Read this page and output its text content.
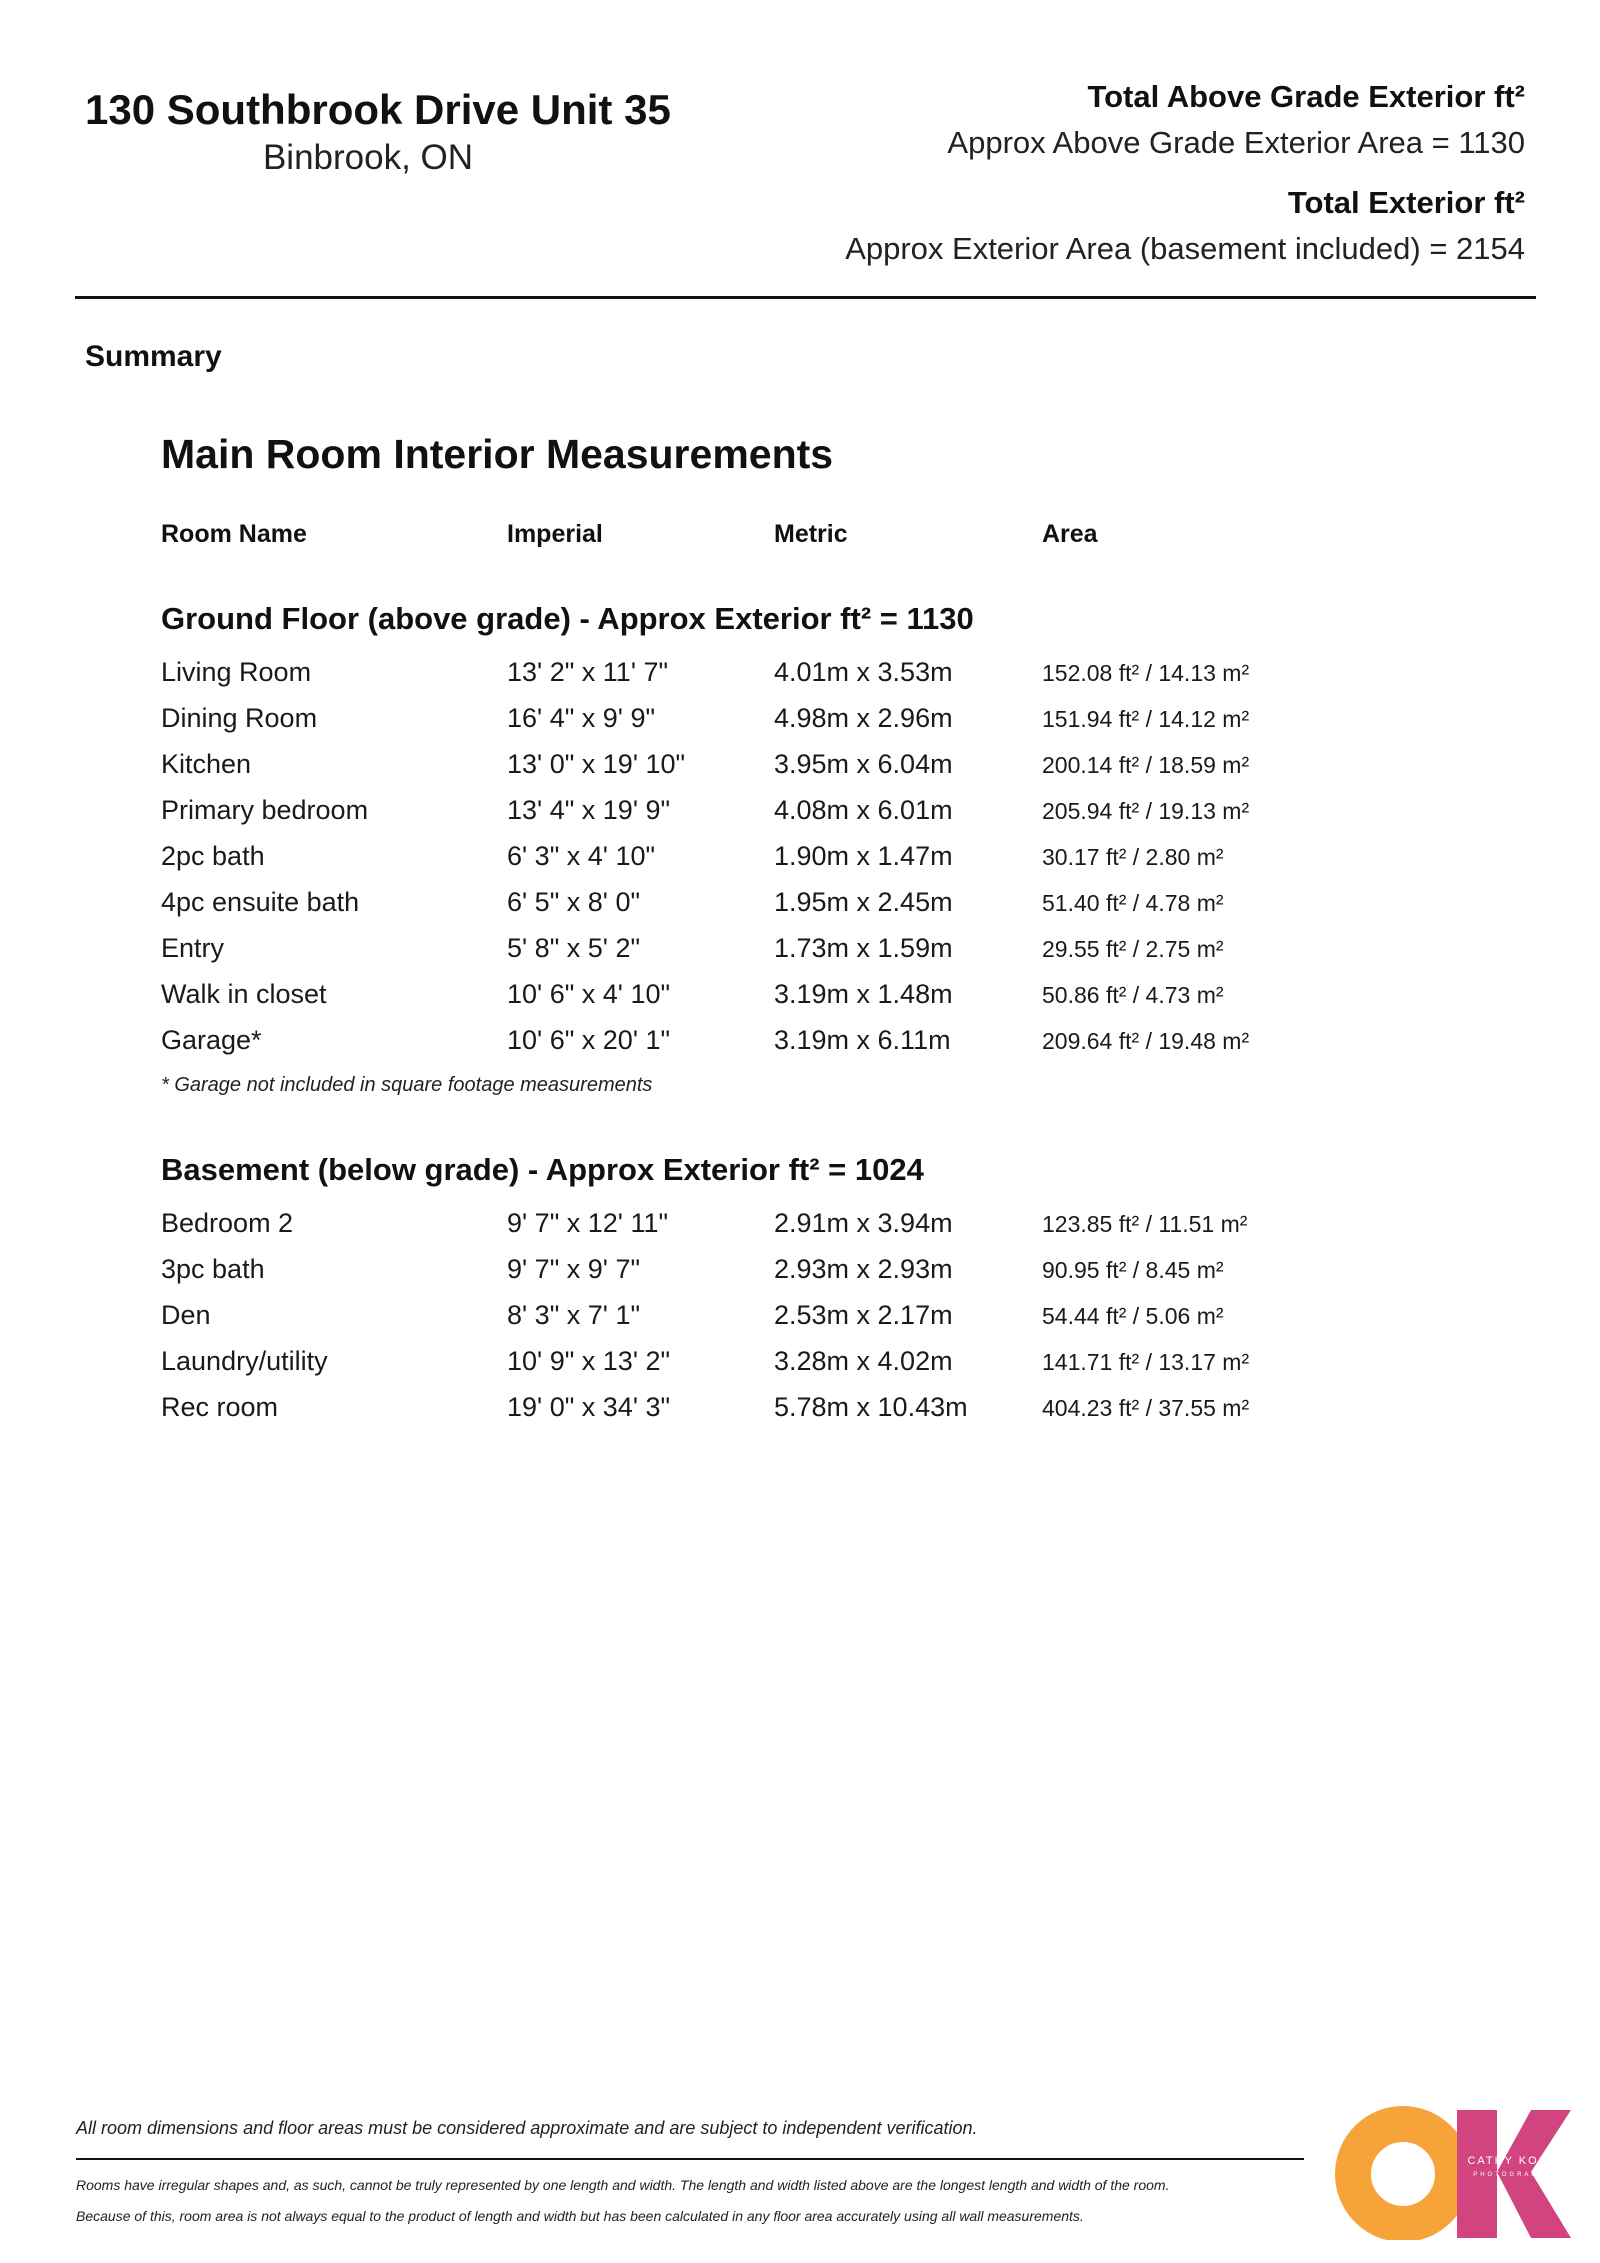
130 Southbrook Drive Unit 35
Binbrook, ON
Total Above Grade Exterior ft²
Approx Above Grade Exterior Area = 1130
Total Exterior ft²
Approx Exterior Area (basement included) = 2154
Summary
Main Room Interior Measurements
Room Name	Imperial	Metric	Area
Ground Floor (above grade) - Approx Exterior ft² = 1130
Living Room	13' 2" x 11' 7"	4.01m x 3.53m	152.08 ft² / 14.13 m²
Dining Room	16' 4" x 9' 9"	4.98m x 2.96m	151.94 ft² / 14.12 m²
Kitchen	13' 0" x 19' 10"	3.95m x 6.04m	200.14 ft² / 18.59 m²
Primary bedroom	13' 4" x 19' 9"	4.08m x 6.01m	205.94 ft² / 19.13 m²
2pc bath	6' 3" x 4' 10"	1.90m x 1.47m	30.17 ft² / 2.80 m²
4pc ensuite bath	6' 5" x 8' 0"	1.95m x 2.45m	51.40 ft² / 4.78 m²
Entry	5' 8" x 5' 2"	1.73m x 1.59m	29.55 ft² / 2.75 m²
Walk in closet	10' 6" x 4' 10"	3.19m x 1.48m	50.86 ft² / 4.73 m²
Garage*	10' 6" x 20' 1"	3.19m x 6.11m	209.64 ft² / 19.48 m²
* Garage not included in square footage measurements
Basement (below grade) - Approx Exterior ft² = 1024
Bedroom 2	9' 7" x 12' 11"	2.91m x 3.94m	123.85 ft² / 11.51 m²
3pc bath	9' 7" x 9' 7"	2.93m x 2.93m	90.95 ft² / 8.45 m²
Den	8' 3" x 7' 1"	2.53m x 2.17m	54.44 ft² / 5.06 m²
Laundry/utility	10' 9" x 13' 2"	3.28m x 4.02m	141.71 ft² / 13.17 m²
Rec room	19' 0" x 34' 3"	5.78m x 10.43m	404.23 ft² / 37.55 m²
All room dimensions and floor areas must be considered approximate and are subject to independent verification.
Rooms have irregular shapes and, as such, cannot be truly represented by one length and width. The length and width listed above are the longest length and width of the room.
Because of this, room area is not always equal to the product of length and width but has been calculated in any floor area accurately using all wall measurements.
CATHY KOOP
PHOTOGRAPHY
